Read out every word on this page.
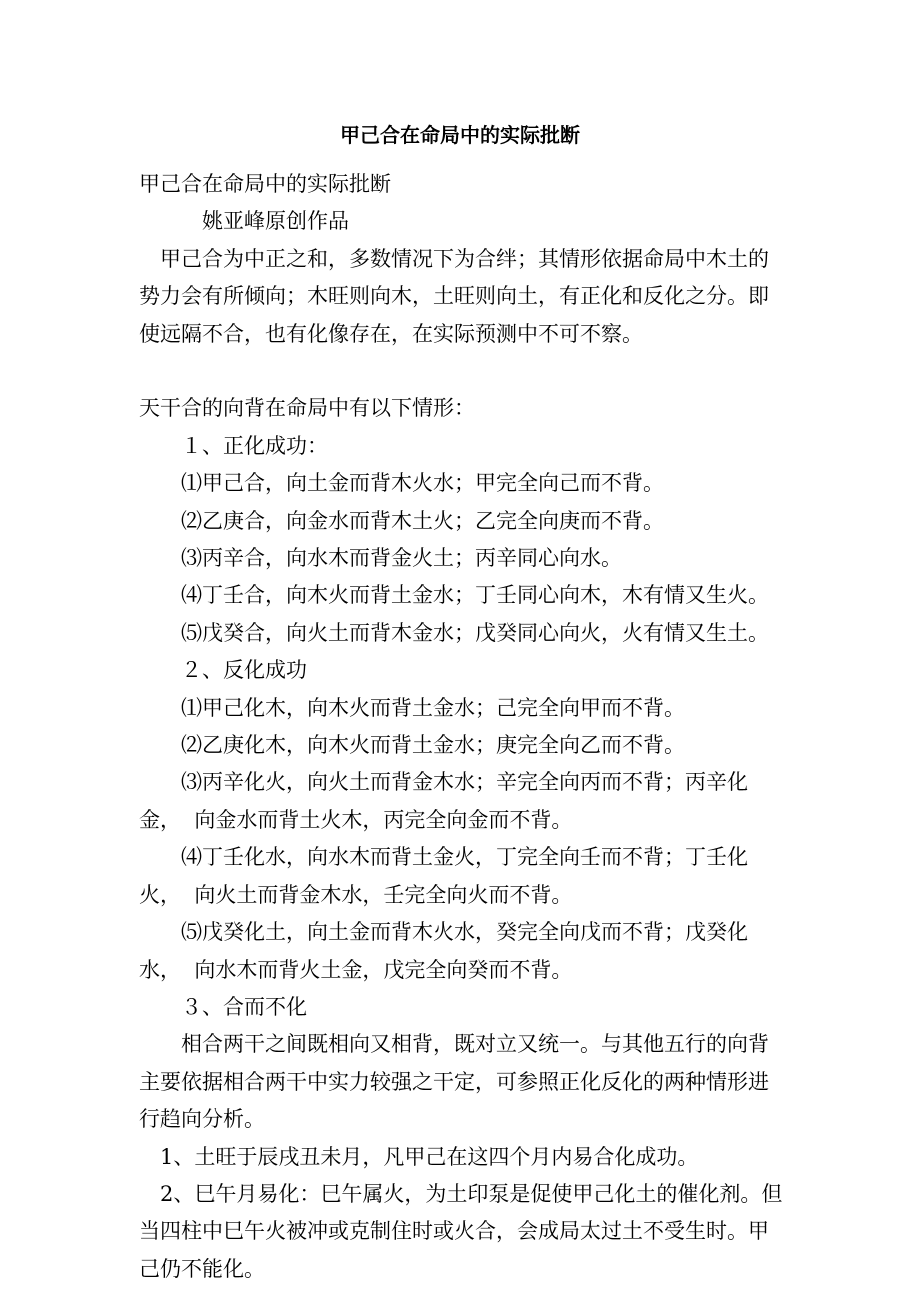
甲己合在命局中的实际批断

甲己合在命局中的实际批断

姚亚峰原创作品

甲己合为中正之和，多数情况下为合绊；其情形依据命局中木土的势力会有所倾向；木旺则向木，土旺则向土，有正化和反化之分。即使远隔不合，也有化像存在，在实际预测中不可不察。

天干合的向背在命局中有以下情形：

１、正化成功：

⑴甲己合，向土金而背木火水；甲完全向己而不背。

⑵乙庚合，向金水而背木土火；乙完全向庚而不背。

⑶丙辛合，向水木而背金火土；丙辛同心向水。

⑷丁壬合，向木火而背土金水；丁壬同心向木，木有情又生火。

⑸戊癸合，向火土而背木金水；戊癸同心向火，火有情又生土。

２、反化成功

⑴甲己化木，向木火而背土金水；己完全向甲而不背。

⑵乙庚化木，向木火而背土金水；庚完全向乙而不背。

⑶丙辛化火，向火土而背金木水；辛完全向丙而不背；丙辛化金，  向金水而背土火木，丙完全向金而不背。

⑷丁壬化水，向水木而背土金火，丁完全向壬而不背；丁壬化火，  向火土而背金木水，壬完全向火而不背。

⑸戊癸化土，向土金而背木火水，癸完全向戊而不背；戊癸化水，  向水木而背火土金，戊完全向癸而不背。

３、合而不化

相合两干之间既相向又相背，既对立又统一。与其他五行的向背主要依据相合两干中实力较强之干定，可参照正化反化的两种情形进行趋向分析。

1、土旺于辰戌丑未月，凡甲己在这四个月内易合化成功。

2、巳午月易化：巳午属火，为土印泵是促使甲己化土的催化剂。但当四柱中巳午火被冲或克制住时或火合，会成局太过土不受生时。甲己仍不能化。
